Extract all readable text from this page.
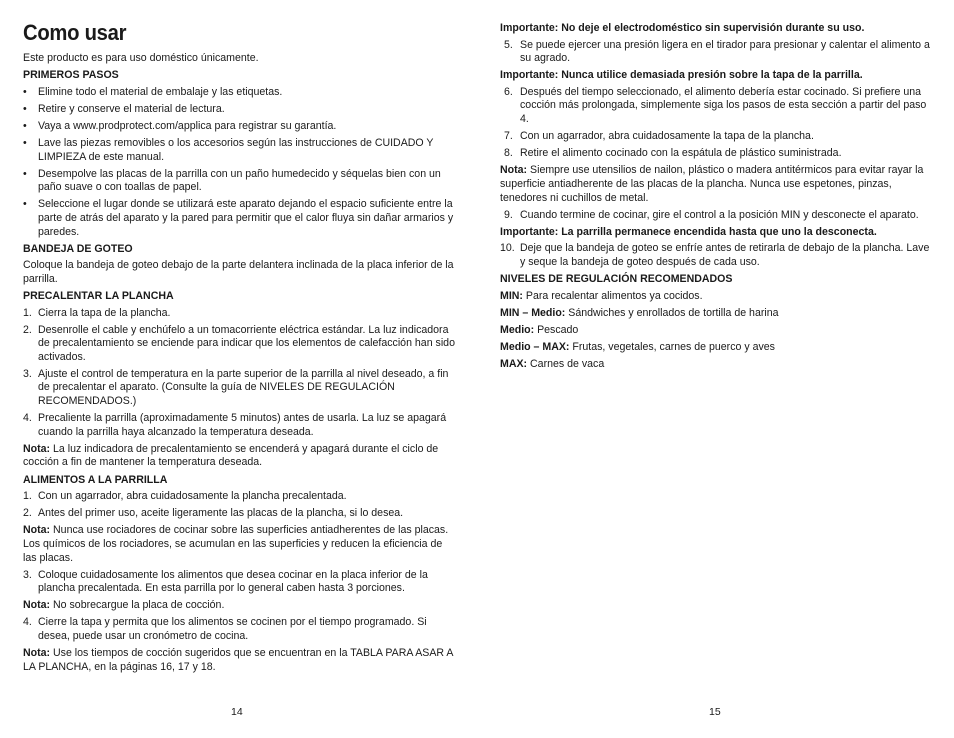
Como usar

Este producto es para uso doméstico únicamente.

PRIMEROS PASOS

• Elimine todo el material de embalaje y las etiquetas.
• Retire y conserve el material de lectura.
• Vaya a www.prodprotect.com/applica para registrar su garantía.
• Lave las piezas removibles o los accesorios según las instrucciones de CUIDADO Y LIMPIEZA de este manual.
• Desempolve las placas de la parrilla con un paño humedecido y séquelas bien con un paño suave o con toallas de papel.
• Seleccione el lugar donde se utilizará este aparato dejando el espacio suficiente entre la parte de atrás del aparato y la pared para permitir que el calor fluya sin dañar armarios y paredes.

BANDEJA DE GOTEO

Coloque la bandeja de goteo debajo de la parte delantera inclinada de la placa inferior de la parrilla.

PRECALENTAR LA PLANCHA

1. Cierra la tapa de la plancha.
2. Desenrolle el cable y enchúfelo a un tomacorriente eléctrica estándar. La luz indicadora de precalentamiento se enciende para indicar que los elementos de calefacción han sido activados.
3. Ajuste el control de temperatura en la parte superior de la parrilla al nivel deseado, a fin de precalentar el aparato. (Consulte la guía de NIVELES DE REGULACIÓN RECOMENDADOS.)
4. Precaliente la parrilla (aproximadamente 5 minutos) antes de usarla. La luz se apagará cuando la parrilla haya alcanzado la temperatura deseada.

Nota: La luz indicadora de precalentamiento se encenderá y apagará durante el ciclo de cocción a fin de mantener la temperatura deseada.

ALIMENTOS A LA PARRILLA

1. Con un agarrador, abra cuidadosamente la plancha precalentada.
2. Antes del primer uso, aceite ligeramente las placas de la plancha, si lo desea.

Nota: Nunca use rociadores de cocinar sobre las superficies antiadherentes de las placas. Los químicos de los rociadores, se acumulan en las superficies y reducen la eficiencia de las placas.

3. Coloque cuidadosamente los alimentos que desea cocinar en la placa inferior de la plancha precalentada. En esta parrilla por lo general caben hasta 3 porciones.

Nota: No sobrecargue la placa de cocción.

4. Cierre la tapa y permita que los alimentos se cocinen por el tiempo programado. Si desea, puede usar un cronómetro de cocina.

Nota: Use los tiempos de cocción sugeridos que se encuentran en la TABLA PARA ASAR A LA PLANCHA, en la páginas 16, 17 y 18.

14

Importante: No deje el electrodoméstico sin supervisión durante su uso.

5. Se puede ejercer una presión ligera en el tirador para presionar y calentar el alimento a su agrado.

Importante: Nunca utilice demasiada presión sobre la tapa de la parrilla.

6. Después del tiempo seleccionado, el alimento debería estar cocinado. Si prefiere una cocción más prolongada, simplemente siga los pasos de esta sección a partir del paso 4.
7. Con un agarrador, abra cuidadosamente la tapa de la plancha.
8. Retire el alimento cocinado con la espátula de plástico suministrada.

Nota: Siempre use utensilios de nailon, plástico o madera antitérmicos para evitar rayar la superficie antiadherente de las placas de la plancha. Nunca use espetones, pinzas, tenedores ni cuchillos de metal.

9. Cuando termine de cocinar, gire el control a la posición MIN y desconecte el aparato.

Importante: La parrilla permanece encendida hasta que uno la desconecta.

10. Deje que la bandeja de goteo se enfríe antes de retirarla de debajo de la plancha. Lave y seque la bandeja de goteo después de cada uso.

NIVELES DE REGULACIÓN RECOMENDADOS

MIN: Para recalentar alimentos ya cocidos.

MIN – Medio: Sándwiches y enrollados de tortilla de harina

Medio: Pescado

Medio – MAX: Frutas, vegetales, carnes de puerco y aves

MAX: Carnes de vaca

15
